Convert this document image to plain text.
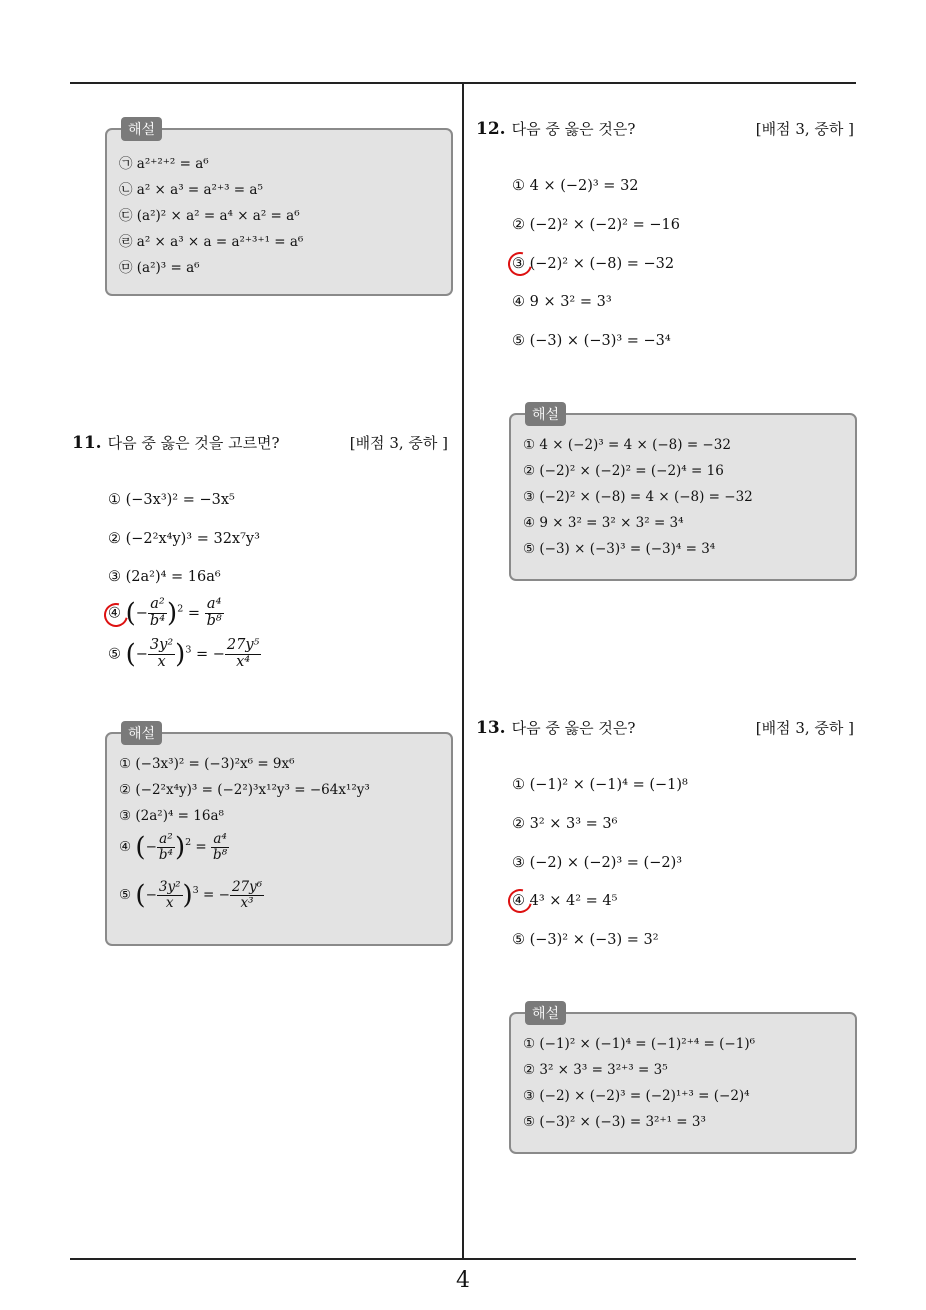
4
해설
㉠ a²⁺²⁺² = a⁶
㉡ a² × a³ = a²⁺³ = a⁵
㉢ (a²)² × a² = a⁴ × a² = a⁶
㉣ a² × a³ × a = a²⁺³⁺¹ = a⁶
㉤ (a²)³ = a⁶
11. 다음 중 옳은 것을 고르면?	[배점 3, 중하 ]
① (−3x³)² = −3x⁵
② (−2²x⁴y)³ = 32x⁷y³
③ (2a²)⁴ = 16a⁶
④ (− $\frac{\text{a²}}{\text{b⁴}} )^2 = \frac{\text{a⁴}}{\text{b⁸}}$
⑤ (− $\frac{\text{3y²}}{x} )^3$ = − $\frac{\text{27y⁵}}{\text{x⁴}}$
해설
① (−3x³)² = (−3)²x⁶ = 9x⁶
② (−2²x⁴y)³ = (−2²)³x¹²y³ = −64x¹²y³
③ (2a²)⁴ = 16a⁸
④ (− $\frac{\text{a²}}{\text{b⁴}} )^2 = \frac{\text{a⁴}}{\text{b⁸}}$
⑤ (− $\frac{\text{3y²}}{x} )^3$ = − $\frac{\text{27y⁶}}{\text{x³}}$
12. 다음 중 옳은 것은?	[배점 3, 중하 ]
① 4 × (−2)³ = 32
② (−2)² × (−2)² = −16
③ (−2)² × (−8) = −32
④ 9 × 3² = 3³
⑤ (−3) × (−3)³ = −3⁴
해설
① 4 × (−2)³ = 4 × (−8) = −32
② (−2)² × (−2)² = (−2)⁴ = 16
③ (−2)² × (−8) = 4 × (−8) = −32
④ 9 × 3² = 3² × 3² = 3⁴
⑤ (−3) × (−3)³ = (−3)⁴ = 3⁴
13. 다음 중 옳은 것은?	[배점 3, 중하 ]
① (−1)² × (−1)⁴ = (−1)⁸
② 3² × 3³ = 3⁶
③ (−2) × (−2)³ = (−2)³
④ 4³ × 4² = 4⁵
⑤ (−3)² × (−3) = 3²
해설
① (−1)² × (−1)⁴ = (−1)²⁺⁴ = (−1)⁶
② 3² × 3³ = 3²⁺³ = 3⁵
③ (−2) × (−2)³ = (−2)¹⁺³ = (−2)⁴
⑤ (−3)² × (−3) = 3²⁺¹ = 3³
